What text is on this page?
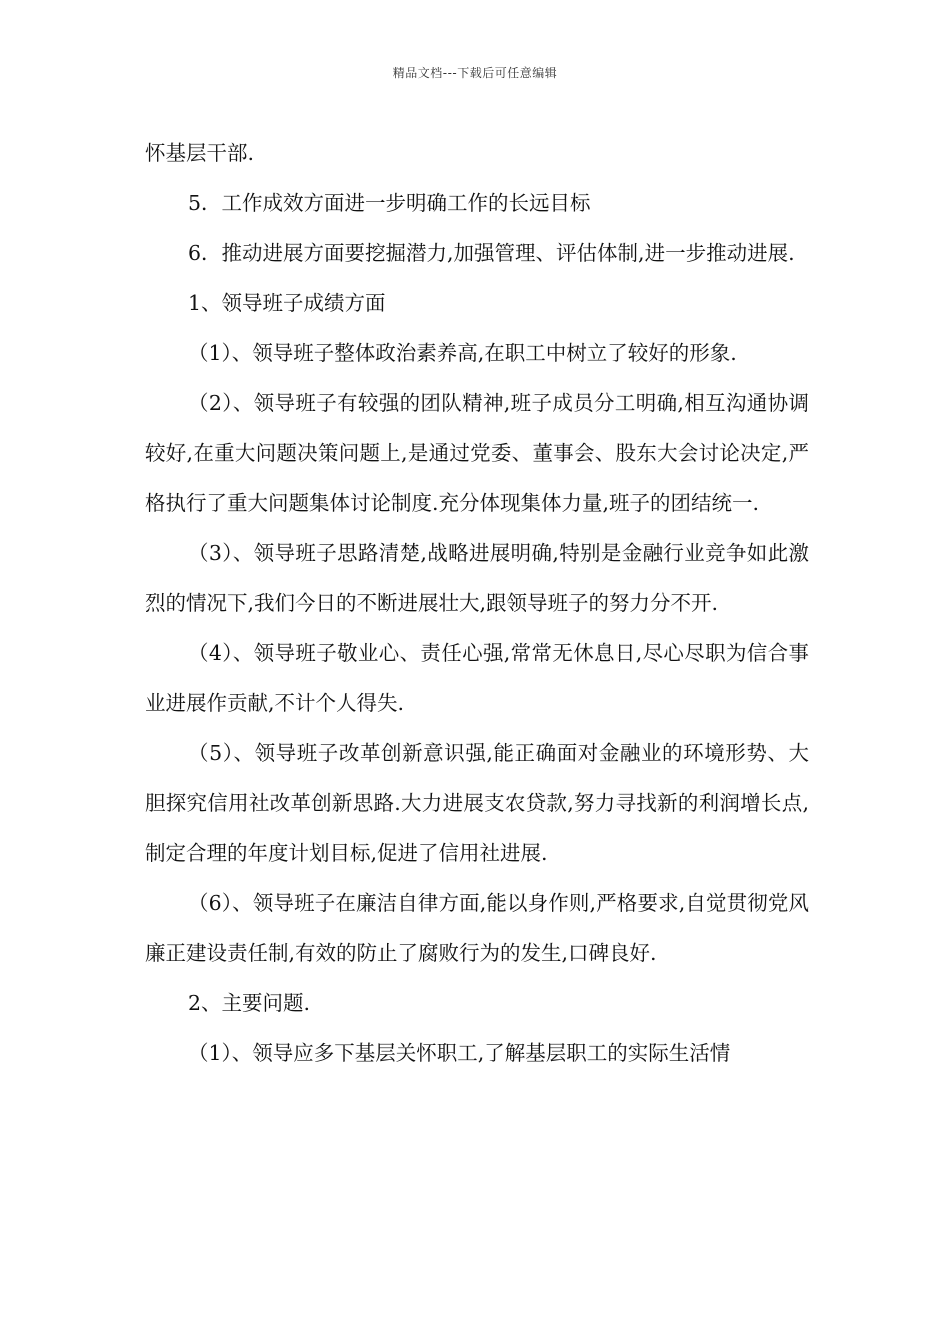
精品文档---下载后可任意编辑

怀基层干部.

5．工作成效方面进一步明确工作的长远目标

6．推动进展方面要挖掘潜力,加强管理、评估体制,进一步推动进展.

1、领导班子成绩方面

（1）、领导班子整体政治素养高,在职工中树立了较好的形象.

（2）、领导班子有较强的团队精神,班子成员分工明确,相互沟通协调较好,在重大问题决策问题上,是通过党委、董事会、股东大会讨论决定,严格执行了重大问题集体讨论制度.充分体现集体力量,班子的团结统一.

（3）、领导班子思路清楚,战略进展明确,特别是金融行业竞争如此激烈的情况下,我们今日的不断进展壮大,跟领导班子的努力分不开.

（4）、领导班子敬业心、责任心强,常常无休息日,尽心尽职为信合事业进展作贡献,不计个人得失.

（5）、领导班子改革创新意识强,能正确面对金融业的环境形势、大胆探究信用社改革创新思路.大力进展支农贷款,努力寻找新的利润增长点,制定合理的年度计划目标,促进了信用社进展.

（6）、领导班子在廉洁自律方面,能以身作则,严格要求,自觉贯彻党风廉正建设责任制,有效的防止了腐败行为的发生,口碑良好.

2、主要问题.

（1）、领导应多下基层关怀职工,了解基层职工的实际生活情
